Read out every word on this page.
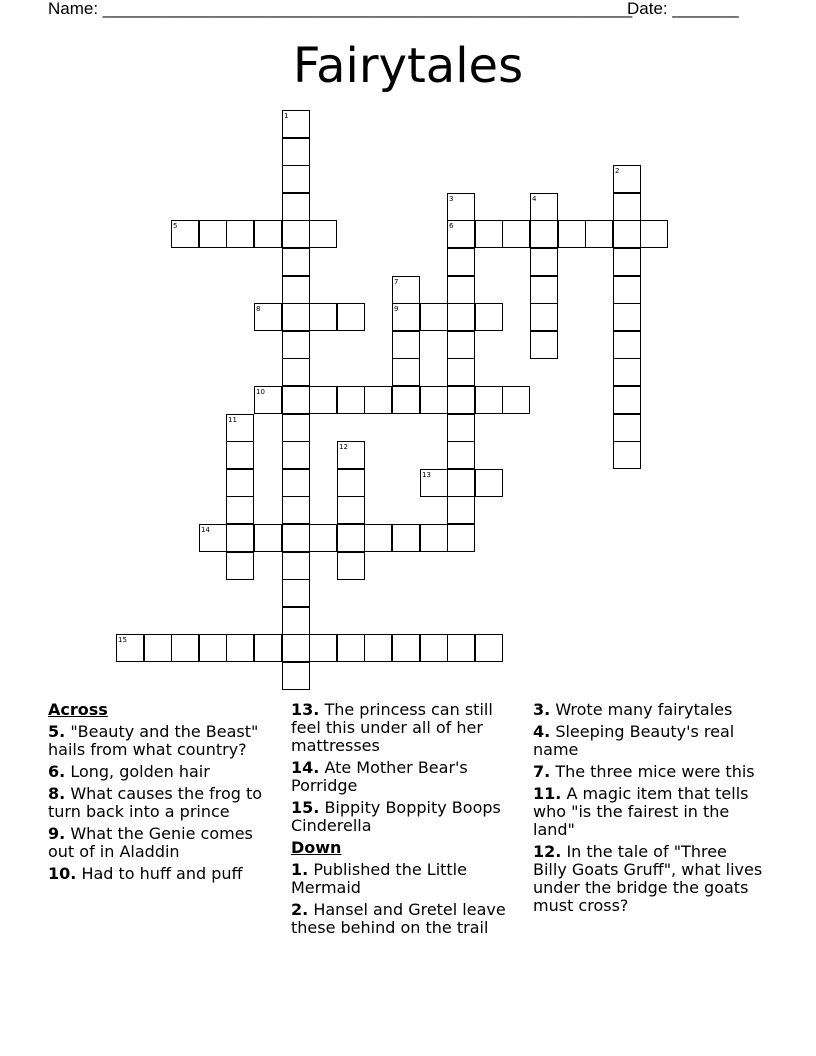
Name: ________________________________________________________
Date: _______
Fairytales
1
2
3	4
5	6
7
8	9
10
11
12
13
14
15
Across
5. "Beauty and the Beast" hails from what country?
6. Long, golden hair
8. What causes the frog to turn back into a prince
9. What the Genie comes out of in Aladdin
10. Had to huff and puff
13. The princess can still feel this under all of her mattresses
14. Ate Mother Bear's Porridge
15. Bippity Boppity Boops Cinderella
Down
1. Published the Little Mermaid
2. Hansel and Gretel leave these behind on the trail
3. Wrote many fairytales
4. Sleeping Beauty's real name
7. The three mice were this
11. A magic item that tells who "is the fairest in the land"
12. In the tale of "Three Billy Goats Gruff", what lives under the bridge the goats must cross?
